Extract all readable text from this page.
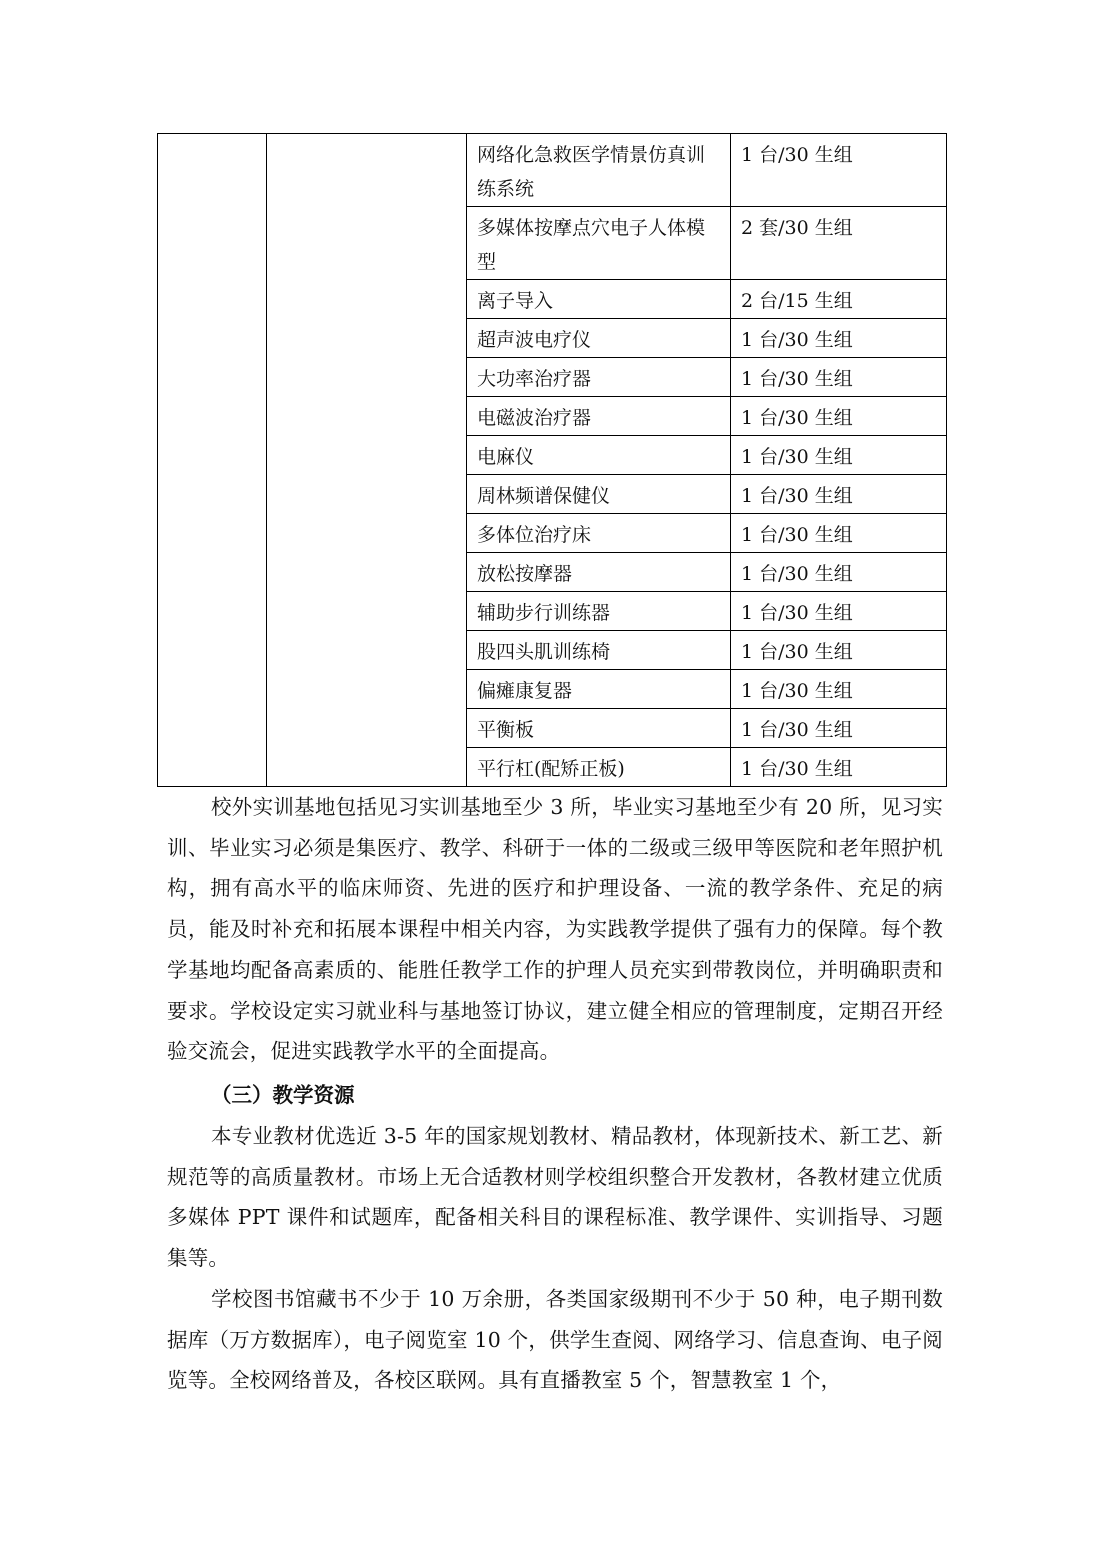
		网络化急救医学情景仿真训练系统	1 台/30 生组
		多媒体按摩点穴电子人体模型	2 套/30 生组
		离子导入	2 台/15 生组
		超声波电疗仪	1 台/30 生组
		大功率治疗器	1 台/30 生组
		电磁波治疗器	1 台/30 生组
		电麻仪	1 台/30 生组
		周林频谱保健仪	1 台/30 生组
		多体位治疗床	1 台/30 生组
		放松按摩器	1 台/30 生组
		辅助步行训练器	1 台/30 生组
		股四头肌训练椅	1 台/30 生组
		偏瘫康复器	1 台/30 生组
		平衡板	1 台/30 生组
		平行杠(配矫正板)	1 台/30 生组

校外实训基地包括见习实训基地至少 3 所，毕业实习基地至少有 20 所，见习实训、毕业实习必须是集医疗、教学、科研于一体的二级或三级甲等医院和老年照护机构，拥有高水平的临床师资、先进的医疗和护理设备、一流的教学条件、充足的病员，能及时补充和拓展本课程中相关内容，为实践教学提供了强有力的保障。每个教学基地均配备高素质的、能胜任教学工作的护理人员充实到带教岗位，并明确职责和要求。学校设定实习就业科与基地签订协议，建立健全相应的管理制度，定期召开经验交流会，促进实践教学水平的全面提高。

（三）教学资源

本专业教材优选近 3-5 年的国家规划教材、精品教材，体现新技术、新工艺、新规范等的高质量教材。市场上无合适教材则学校组织整合开发教材，各教材建立优质多媒体 PPT 课件和试题库，配备相关科目的课程标准、教学课件、实训指导、习题集等。

学校图书馆藏书不少于 10 万余册，各类国家级期刊不少于 50 种，电子期刊数据库（万方数据库），电子阅览室 10 个，供学生查阅、网络学习、信息查询、电子阅览等。全校网络普及，各校区联网。具有直播教室 5 个，智慧教室 1 个，
